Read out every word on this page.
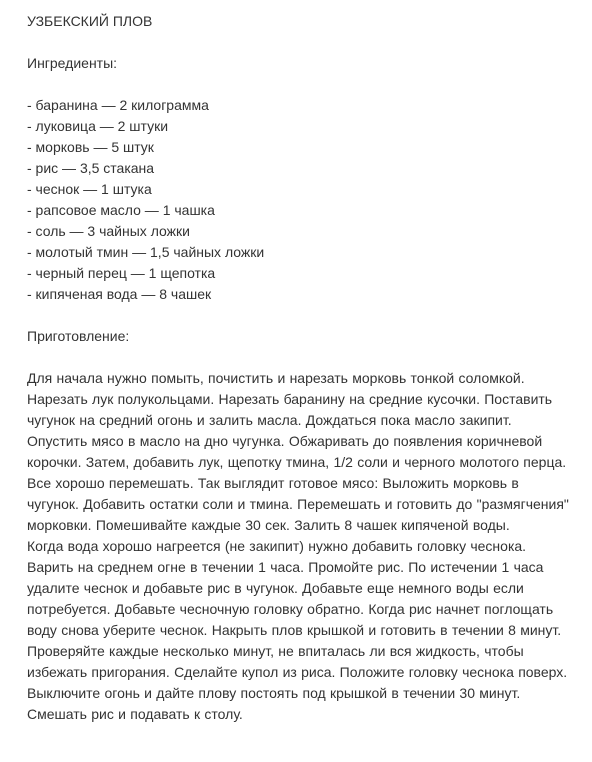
УЗБЕКСКИЙ ПЛОВ
Ингредиенты:
- баранина — 2 килограмма
- луковица — 2 штуки
- морковь — 5 штук
- рис — 3,5 стакана
- чеснок — 1 штука
- рапсовое масло — 1 чашка
- соль — 3 чайных ложки
- молотый тмин — 1,5 чайных ложки
- черный перец — 1 щепотка
- кипяченая вода — 8 чашек
Приготовление:

Для начала нужно помыть, почистить и нарезать морковь тонкой соломкой. Нарезать лук полукольцами. Нарезать баранину на средние кусочки. Поставить чугунок на средний огонь и залить масла. Дождаться пока масло закипит. Опустить мясо в масло на дно чугунка. Обжаривать до появления коричневой корочки. Затем, добавить лук, щепотку тмина, 1/2 соли и черного молотого перца. Все хорошо перемешать. Так выглядит готовое мясо: Выложить морковь в чугунок. Добавить остатки соли и тмина. Перемешать и готовить до "размягчения" морковки. Помешивайте каждые 30 сек. Залить 8 чашек кипяченой воды.

Когда вода хорошо нагреется (не закипит) нужно добавить головку чеснока. Варить на среднем огне в течении 1 часа. Промойте рис. По истечении 1 часа удалите чеснок и добавьте рис в чугунок. Добавьте еще немного воды если потребуется. Добавьте чесночную головку обратно. Когда рис начнет поглощать воду снова уберите чеснок. Накрыть плов крышкой и готовить в течении 8 минут. Проверяйте каждые несколько минут, не впиталась ли вся жидкость, чтобы избежать пригорания. Сделайте купол из риса. Положите головку чеснока поверх. Выключите огонь и дайте плову постоять под крышкой в течении 30 минут. Смешать рис и подавать к столу.
